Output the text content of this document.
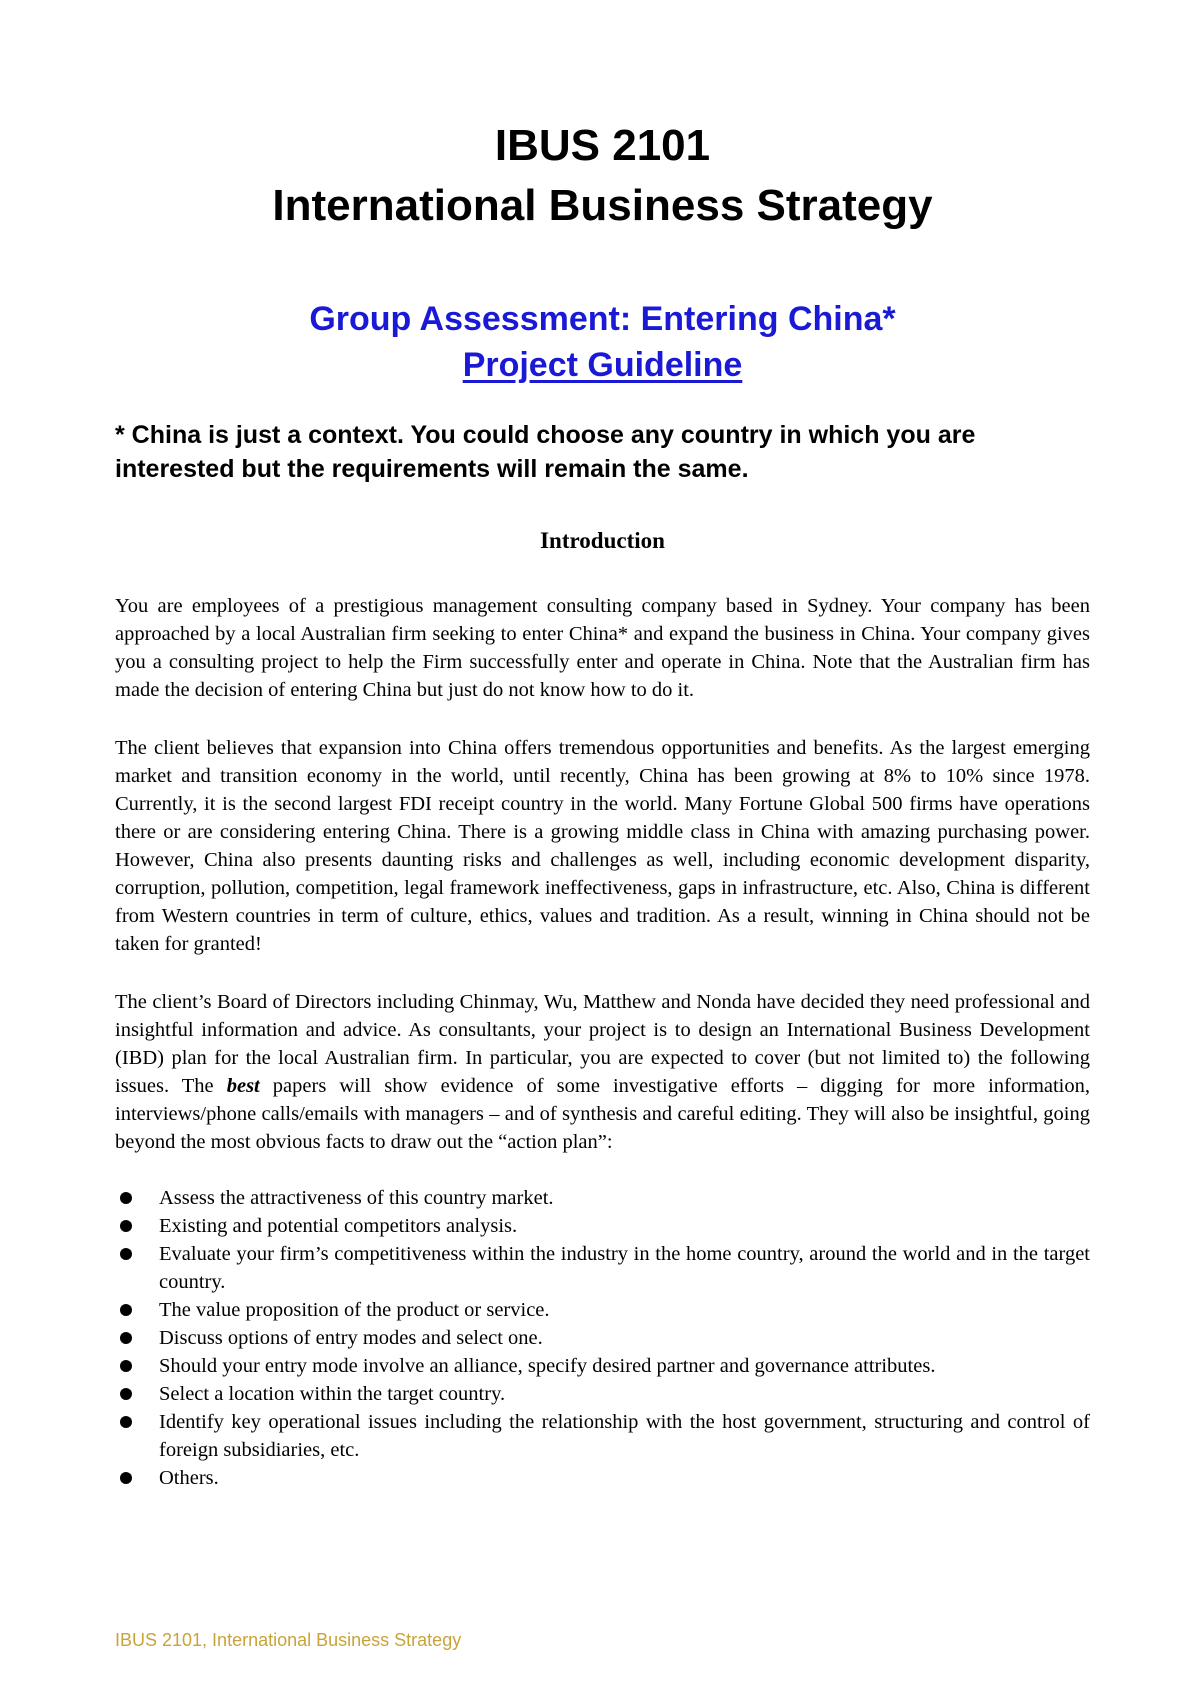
IBUS 2101
International Business Strategy
Group Assessment: Entering China*
Project Guideline

* China is just a context. You could choose any country in which you are interested but the requirements will remain the same.

Introduction

You are employees of a prestigious management consulting company based in Sydney. Your company has been approached by a local Australian firm seeking to enter China* and expand the business in China. Your company gives you a consulting project to help the Firm successfully enter and operate in China. Note that the Australian firm has made the decision of entering China but just do not know how to do it.

The client believes that expansion into China offers tremendous opportunities and benefits. As the largest emerging market and transition economy in the world, until recently, China has been growing at 8% to 10% since 1978. Currently, it is the second largest FDI receipt country in the world. Many Fortune Global 500 firms have operations there or are considering entering China. There is a growing middle class in China with amazing purchasing power. However, China also presents daunting risks and challenges as well, including economic development disparity, corruption, pollution, competition, legal framework ineffectiveness, gaps in infrastructure, etc. Also, China is different from Western countries in term of culture, ethics, values and tradition. As a result, winning in China should not be taken for granted!

The client’s Board of Directors including Chinmay, Wu, Matthew and Nonda have decided they need professional and insightful information and advice. As consultants, your project is to design an International Business Development (IBD) plan for the local Australian firm. In particular, you are expected to cover (but not limited to) the following issues. The best papers will show evidence of some investigative efforts – digging for more information, interviews/phone calls/emails with managers – and of synthesis and careful editing. They will also be insightful, going beyond the most obvious facts to draw out the “action plan”:

Assess the attractiveness of this country market.
Existing and potential competitors analysis.
Evaluate your firm’s competitiveness within the industry in the home country, around the world and in the target country.
The value proposition of the product or service.
Discuss options of entry modes and select one.
Should your entry mode involve an alliance, specify desired partner and governance attributes.
Select a location within the target country.
Identify key operational issues including the relationship with the host government, structuring and control of foreign subsidiaries, etc.
Others.
IBUS 2101, International Business Strategy
